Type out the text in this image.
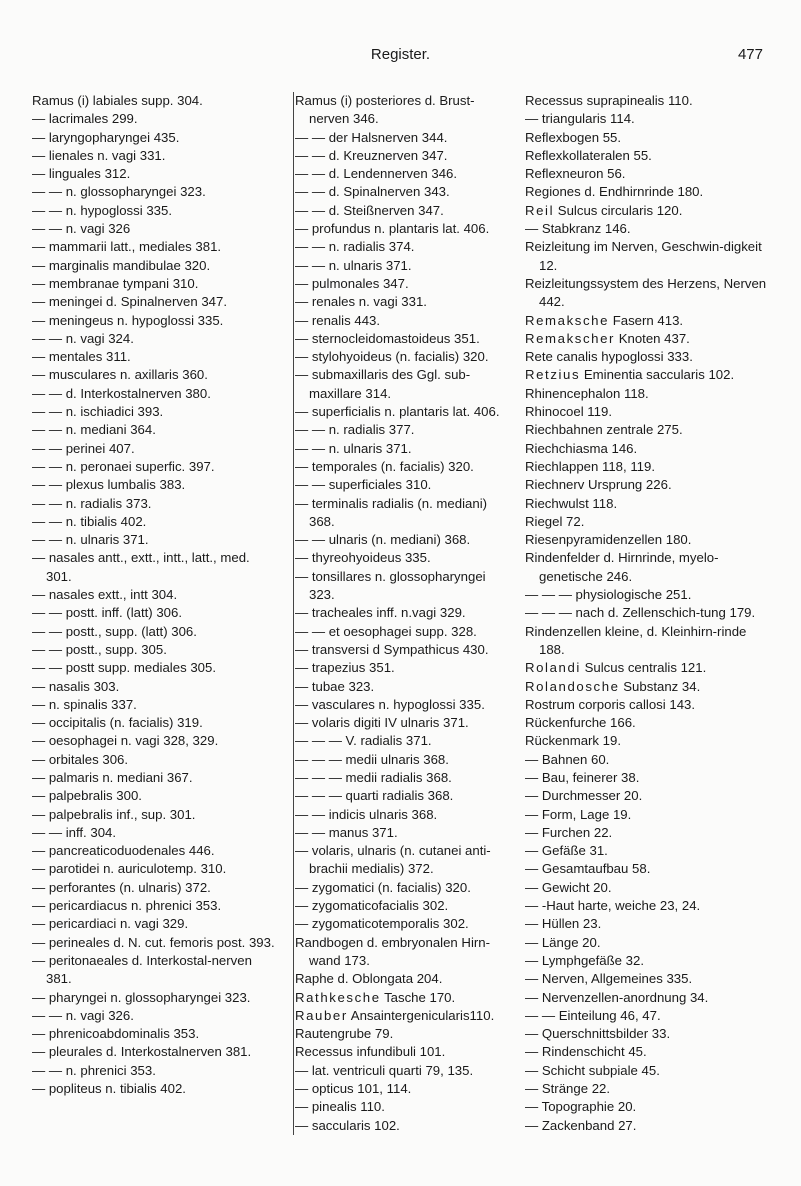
Register.	477
Ramus (i) labiales supp. 304.
— lacrimales 299.
— laryngopharyngei 435.
— lienales n. vagi 331.
— linguales 312.
— — n. glossopharyngei 323.
— — n. hypoglossi 335.
— — n. vagi 326
— mammarii latt., mediales 381.
— marginalis mandibulae 320.
— membranae tympani 310.
— meningei d. Spinalnerven 347.
— meningeus n. hypoglossi 335.
— — n. vagi 324.
— mentales 311.
— musculares n. axillaris 360.
— — d. Interkostalnerven 380.
— — n. ischiadici 393.
— — n. mediani 364.
— — perinei 407.
— — n. peronaei superfic. 397.
— — plexus lumbalis 383.
— — n. radialis 373.
— — n. tibialis 402.
— — n. ulnaris 371.
— nasales antt., extt., intt., latt., med. 301.
— nasales extt., intt 304.
— — postt. inff. (latt) 306.
— — postt., supp. (latt) 306.
— — postt., supp. 305.
— — postt supp. mediales 305.
— nasalis 303.
— n. spinalis 337.
— occipitalis (n. facialis) 319.
— oesophagei n. vagi 328, 329.
— orbitales 306.
— palmaris n. mediani 367.
— palpebralis 300.
— palpebralis inf., sup. 301.
— — inff. 304.
— pancreaticoduodenales 446.
— parotidei n. auriculotemp. 310.
— perforantes (n. ulnaris) 372.
— pericardiacus n. phrenici 353.
— pericardiaci n. vagi 329.
— perineales d. N. cut. femoris post. 393.
— peritonaeales d. Interkostal-nerven 381.
— pharyngei n. glossopharyngei 323.
— — n. vagi 326.
— phrenicoabdominalis 353.
— pleurales d. Interkostalnerven 381.
— — n. phrenici 353.
— popliteus n. tibialis 402.
Ramus (i) posteriores d. Brust-nerven 346.
— — der Halsnerven 344.
— — d. Kreuznerven 347.
— — d. Lendennerven 346.
— — d. Spinalnerven 343.
— — d. Steißnerven 347.
— profundus n. plantaris lat. 406.
— — n. radialis 374.
— — n. ulnaris 371.
— pulmonales 347.
— renales n. vagi 331.
— renalis 443.
— sternocleidomastoideus 351.
— stylohyoideus (n. facialis) 320.
— submaxillaris des Ggl. sub-maxillare 314.
— superficialis n. plantaris lat. 406.
— — n. radialis 377.
— — n. ulnaris 371.
— temporales (n. facialis) 320.
— — superficiales 310.
— terminalis radialis (n. mediani) 368.
— — ulnaris (n. mediani) 368.
— thyreohyoideus 335.
— tonsillares n. glossopharyngei 323.
— tracheales inff. n.vagi 329.
— — et oesophagei supp. 328.
— transversi d Sympathicus 430.
— trapezius 351.
— tubae 323.
— vasculares n. hypoglossi 335.
— volaris digiti IV ulnaris 371.
— — — V. radialis 371.
— — — medii ulnaris 368.
— — — medii radialis 368.
— — — quarti radialis 368.
— — indicis ulnaris 368.
— — manus 371.
— volaris, ulnaris (n. cutanei anti-brachii medialis) 372.
— zygomatici (n. facialis) 320.
— zygomaticofacialis 302.
— zygomaticotemporalis 302.
Randbogen d. embryonalen Hirn-wand 173.
Raphe d. Oblongata 204.
Rathkesche Tasche 170.
Rauber Ansaintergenicularis110.
Rautengrube 79.
Recessus infundibuli 101.
— lat. ventriculi quarti 79, 135.
— opticus 101, 114.
— pinealis 110.
— saccularis 102.
Recessus suprapinealis 110.
— triangularis 114.
Reflexbogen 55.
Reflexkollateralen 55.
Reflexneuron 56.
Regiones d. Endhirnrinde 180.
Reil Sulcus circularis 120.
— Stabkranz 146.
Reizleitung im Nerven, Geschwin-digkeit 12.
Reizleitungssystem des Herzens, Nerven 442.
Remaksche Fasern 413.
Remakscher Knoten 437.
Rete canalis hypoglossi 333.
Retzius Eminentia saccularis 102.
Rhinencephalon 118.
Rhinocoel 119.
Riechbahnen zentrale 275.
Riechchiasma 146.
Riechlappen 118, 119.
Riechnerv Ursprung 226.
Riechwulst 118.
Riegel 72.
Riesenpyramidenzellen 180.
Rindenfelder d. Hirnrinde, myelo-genetische 246.
— — — physiologische 251.
— — — nach d. Zellenschich-tung 179.
Rindenzellen kleine, d. Kleinhirn-rinde 188.
Rolandi Sulcus centralis 121.
Rolandosche Substanz 34.
Rostrum corporis callosi 143.
Rückenfurche 166.
Rückenmark 19.
— Bahnen 60.
— Bau, feinerer 38.
— Durchmesser 20.
— Form, Lage 19.
— Furchen 22.
— Gefäße 31.
— Gesamtaufbau 58.
— Gewicht 20.
— -Haut harte, weiche 23, 24.
— Hüllen 23.
— Länge 20.
— Lymphgefäße 32.
— Nerven, Allgemeines 335.
— Nervenzellen-anordnung 34.
— — Einteilung 46, 47.
— Querschnittsbilder 33.
— Rindenschicht 45.
— Schicht subpiale 45.
— Stränge 22.
— Topographie 20.
— Zackenband 27.
